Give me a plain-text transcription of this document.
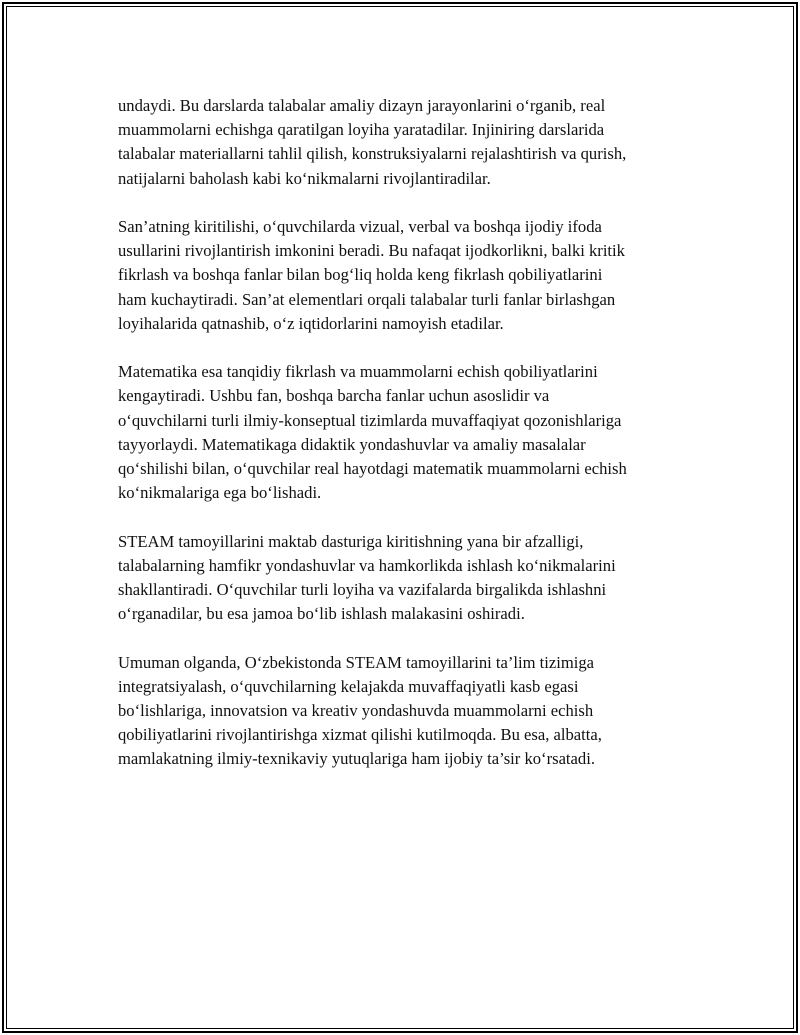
undaydi. Bu darslarda talabalar amaliy dizayn jarayonlarini o‘rganib, real
muammolarni echishga qaratilgan loyiha yaratadilar. Injiniring darslarida
talabalar materiallarni tahlil qilish, konstruksiyalarni rejalashtirish va qurish,
natijalarni baholash kabi ko‘nikmalarni rivojlantiradilar.

San’atning kiritilishi, o‘quvchilarda vizual, verbal va boshqa ijodiy ifoda
usullarini rivojlantirish imkonini beradi. Bu nafaqat ijodkorlikni, balki kritik
fikrlash va boshqa fanlar bilan bog‘liq holda keng fikrlash qobiliyatlarini
ham kuchaytiradi. San’at elementlari orqali talabalar turli fanlar birlashgan
loyihalarida qatnashib, o‘z iqtidorlarini namoyish etadilar.

Matematika esa tanqidiy fikrlash va muammolarni echish qobiliyatlarini
kengaytiradi. Ushbu fan, boshqa barcha fanlar uchun asoslidir va
o‘quvchilarni turli ilmiy-konseptual tizimlarda muvaffaqiyat qozonishlariga
tayyorlaydi. Matematikaga didaktik yondashuvlar va amaliy masalalar
qo‘shilishi bilan, o‘quvchilar real hayotdagi matematik muammolarni echish
ko‘nikmalariga ega bo‘lishadi.

STEAM tamoyillarini maktab dasturiga kiritishning yana bir afzalligi,
talabalarning hamfikr yondashuvlar va hamkorlikda ishlash ko‘nikmalarini
shakllantiradi. O‘quvchilar turli loyiha va vazifalarda birgalikda ishlashni
o‘rganadilar, bu esa jamoa bo‘lib ishlash malakasini oshiradi.

Umuman olganda, O‘zbekistonda STEAM tamoyillarini ta’lim tizimiga
integratsiyalash, o‘quvchilarning kelajakda muvaffaqiyatli kasb egasi
bo‘lishlariga, innovatsion va kreativ yondashuvda muammolarni echish
qobiliyatlarini rivojlantirishga xizmat qilishi kutilmoqda. Bu esa, albatta,
mamlakatning ilmiy-texnikaviy yutuqlariga ham ijobiy ta’sir ko‘rsatadi.
